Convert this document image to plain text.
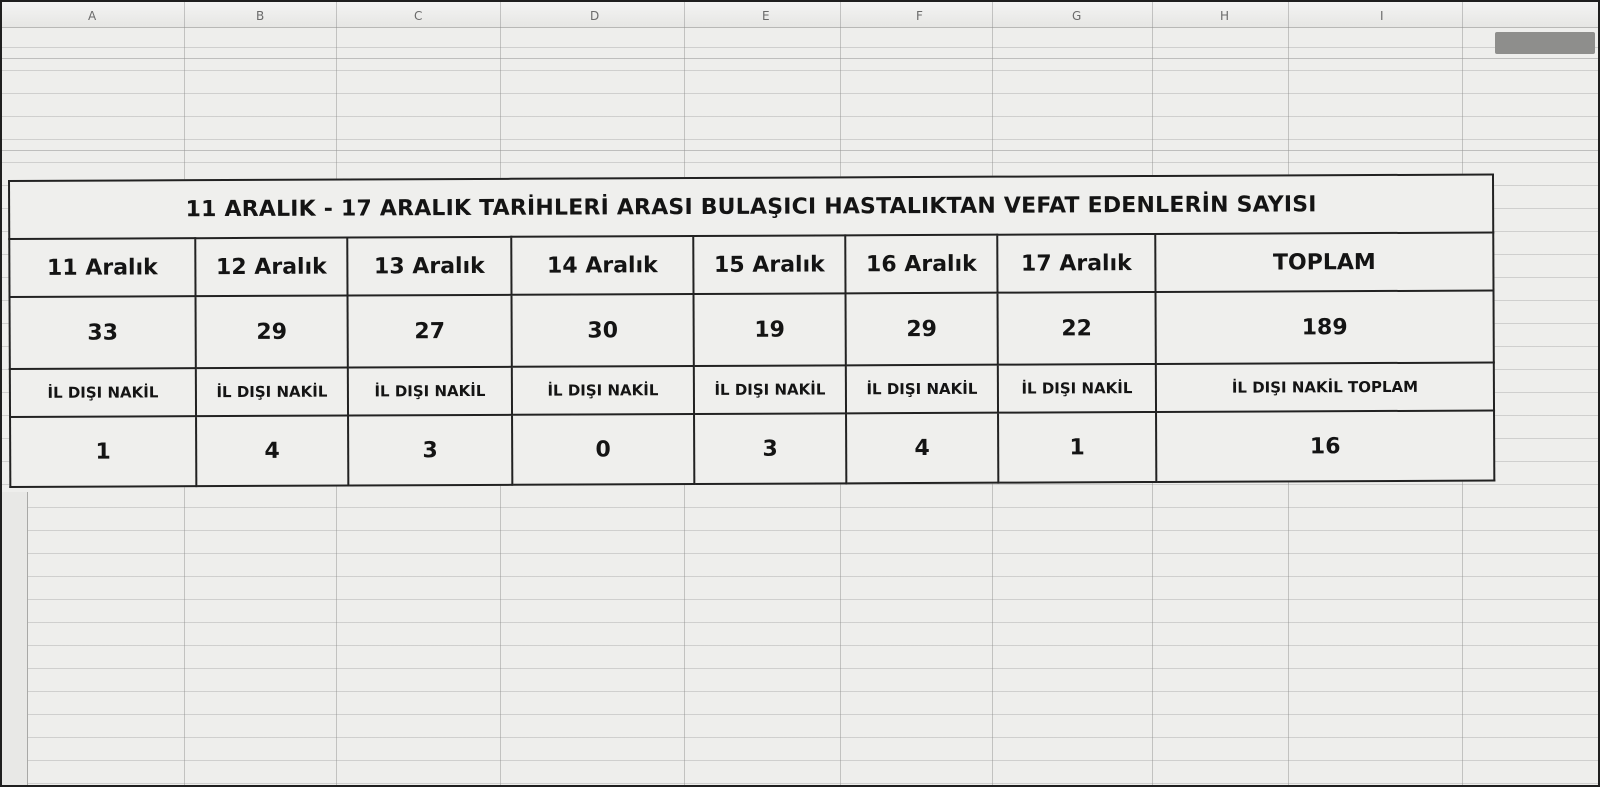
A	B	C	D	E	F	G	H	I
11 ARALIK - 17 ARALIK TARİHLERİ ARASI BULAŞICI HASTALIKTAN VEFAT EDENLERİN SAYISI							
11 Aralık	12 Aralık	13 Aralık	14 Aralık	15 Aralık	16 Aralık	17 Aralık	TOPLAM
33	29	27	30	19	29	22	189
İL DIŞI NAKİL	İL DIŞI NAKİL	İL DIŞI NAKİL	İL DIŞI NAKİL	İL DIŞI NAKİL	İL DIŞI NAKİL	İL DIŞI NAKİL	İL DIŞI NAKİL TOPLAM
1	4	3	0	3	4	1	16
